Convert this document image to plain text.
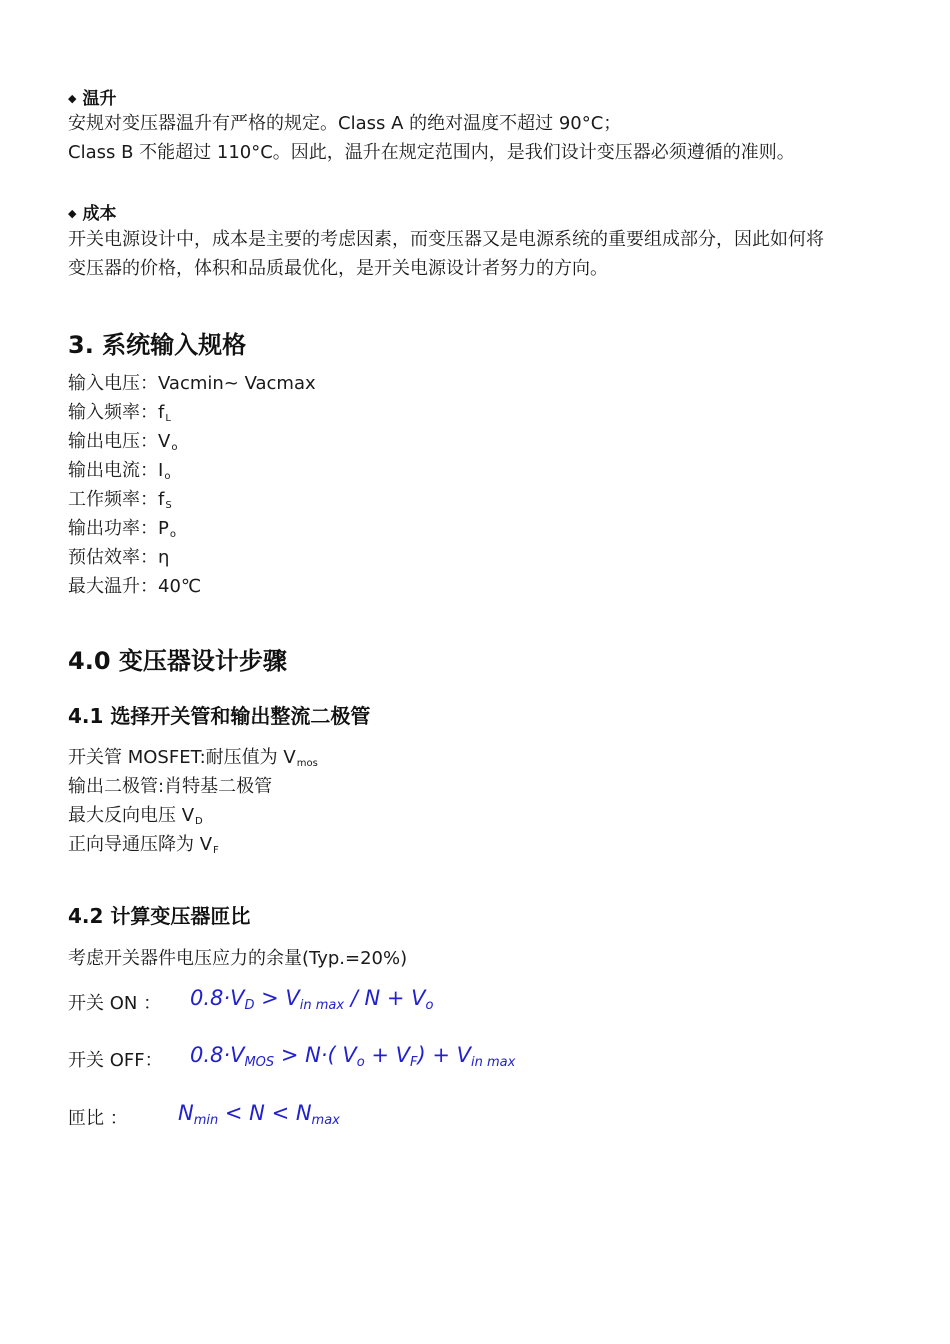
◆ 温升
安规对变压器温升有严格的规定。Class A 的绝对温度不超过 90°C；
Class B 不能超过 110°C。因此，温升在规定范围内，是我们设计变压器必须遵循的准则。
◆ 成本
开关电源设计中，成本是主要的考虑因素，而变压器又是电源系统的重要组成部分，因此如何将
变压器的价格，体积和品质最优化，是开关电源设计者努力的方向。
3. 系统输入规格
输入电压：Vacmin~ Vacmax
输入频率：fL
输出电压：Vo
输出电流：Io
工作频率：fS
输出功率：Po
预估效率：η
最大温升：40℃
4.0 变压器设计步骤
4.1 选择开关管和输出整流二极管
开关管 MOSFET:耐压值为 Vmos
输出二极管:肖特基二极管
最大反向电压 VD
正向导通压降为 VF
4.2 计算变压器匝比
考虑开关器件电压应力的余量(Typ.=20%)
开关 ON ： 0.8·VD > Vin max / N + Vo
开关 OFF： 0.8·VMOS > N·( Vo + VF) + Vin max
匝比 ： Nmin < N < Nmax
